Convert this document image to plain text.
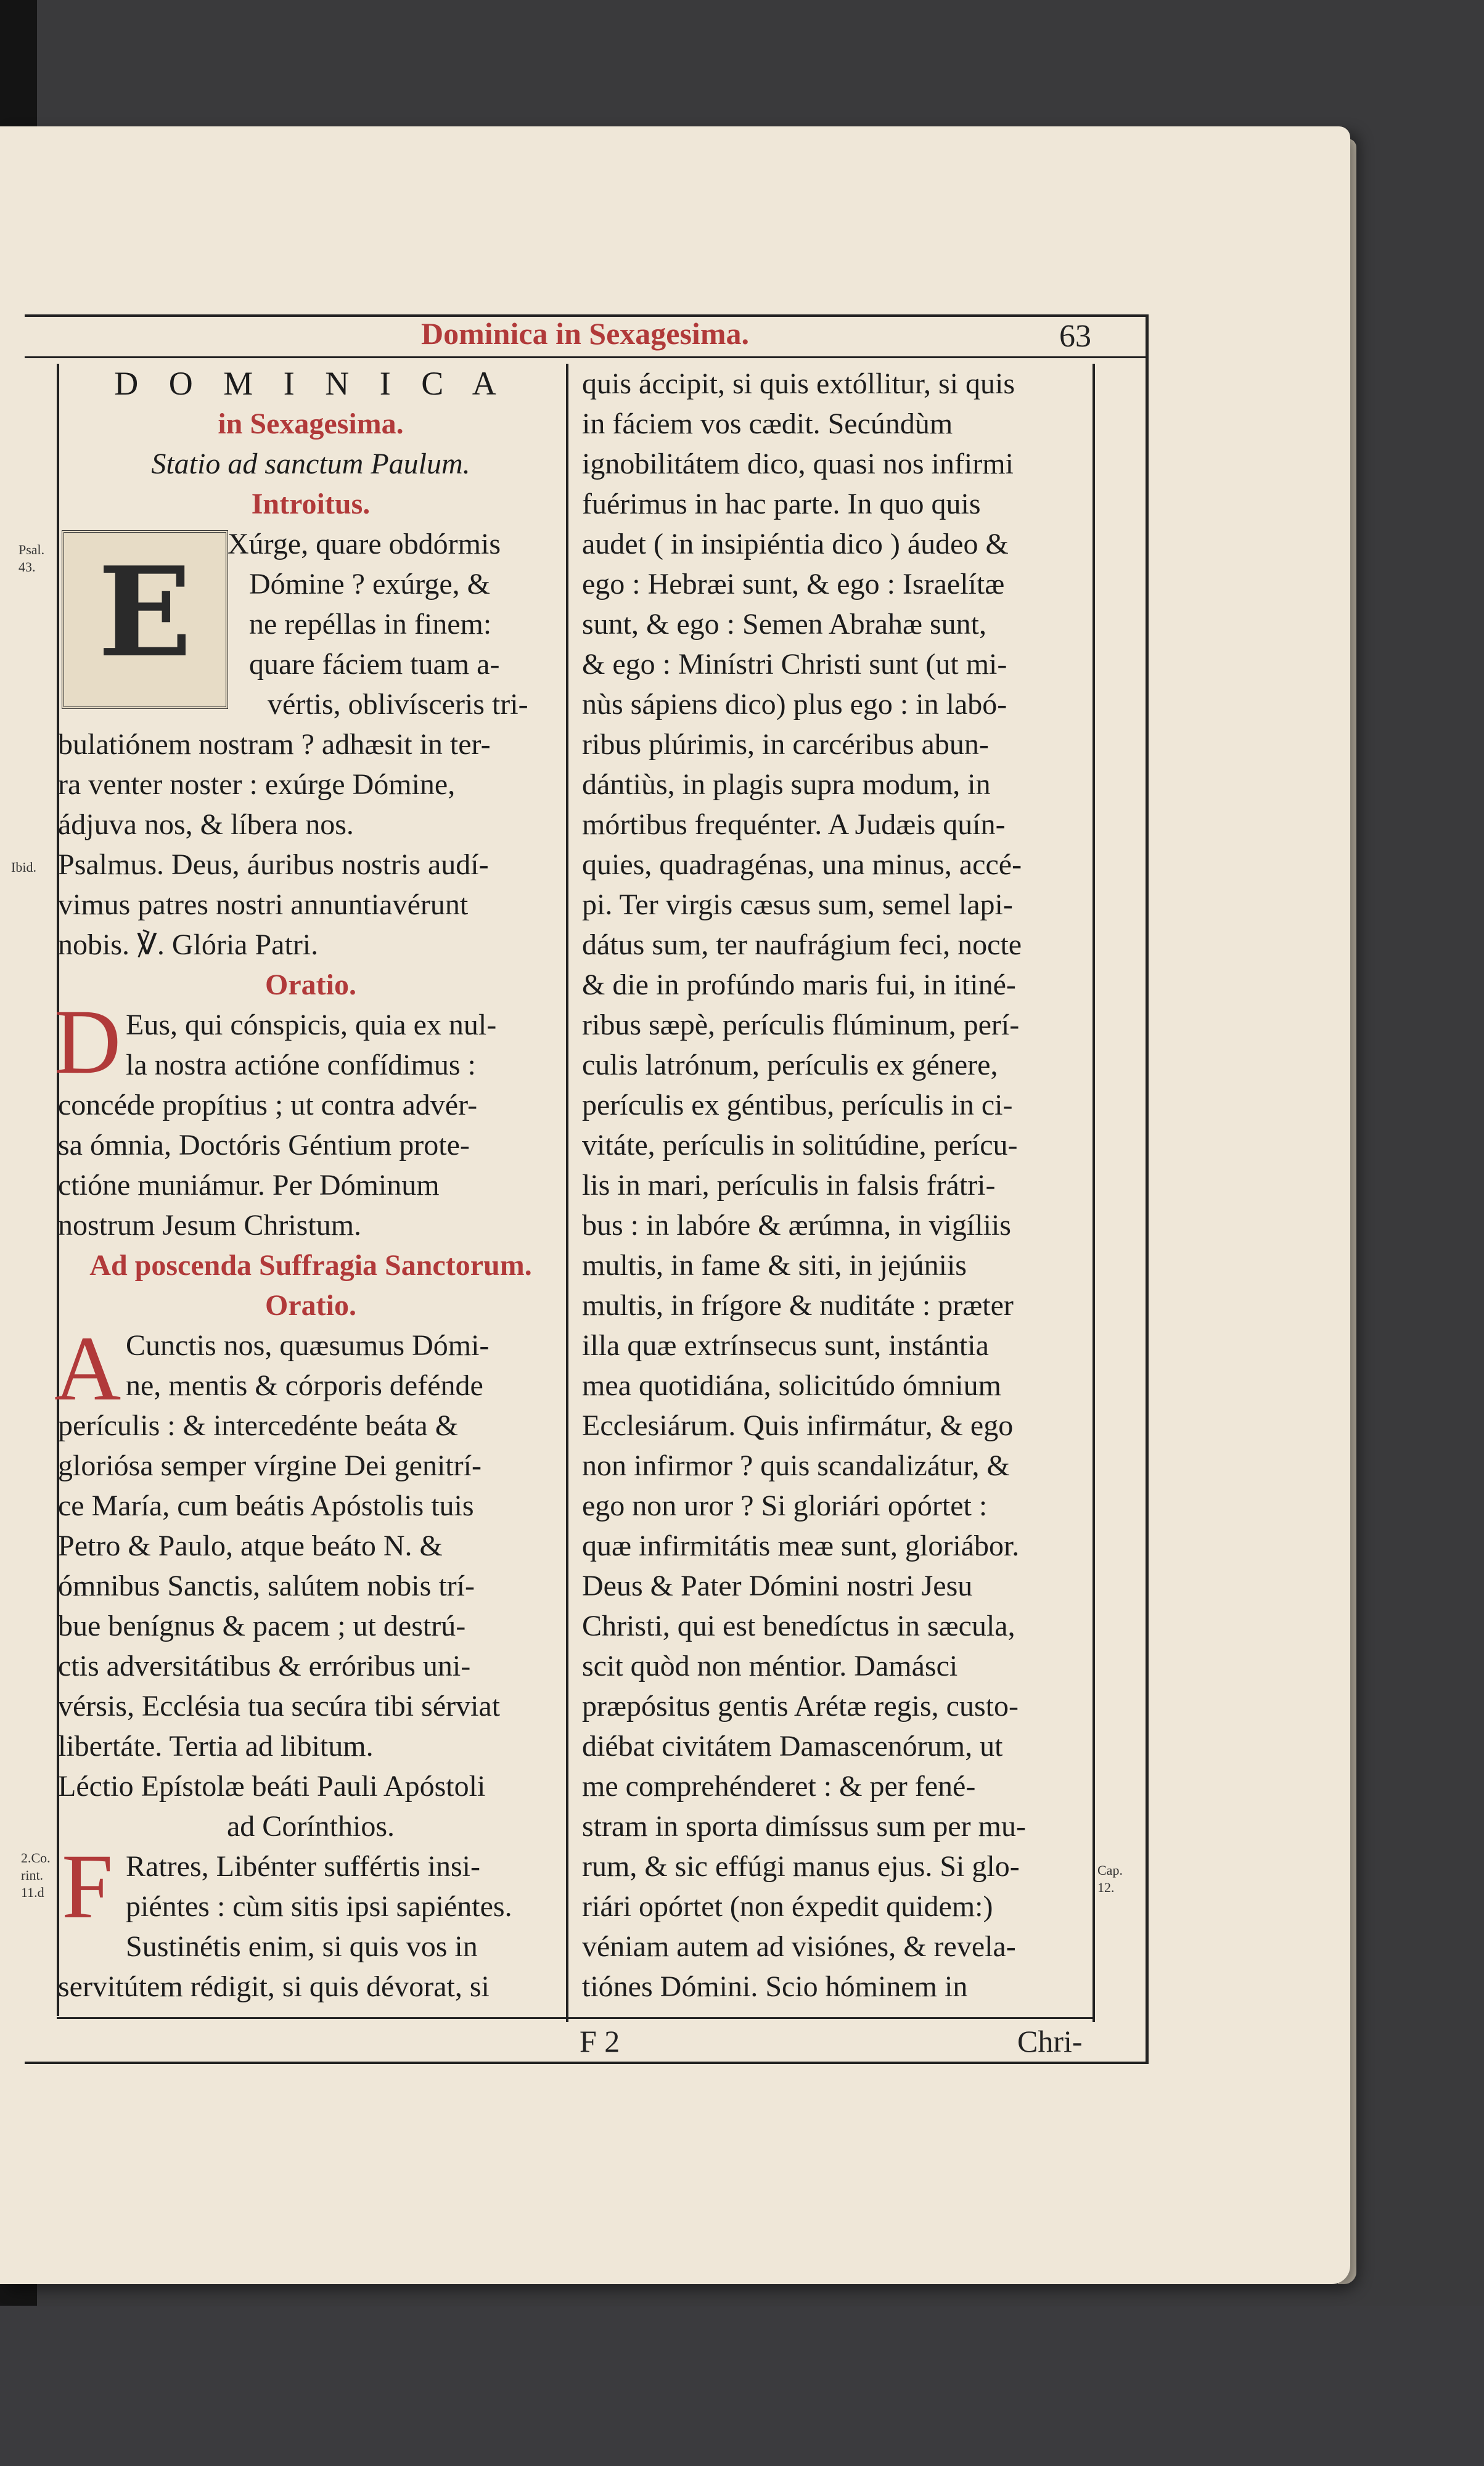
Dominica in Sexagesima.	63
Psal. 43.
Ibid.
2.Co. rint. 11.d
Cap. 12.
E
D
A
F
D O M I N I C A
in Sexagesima.
Statio ad sanctum Paulum.
Introitus.
Xúrge, quare obdórmis
Dómine ? exúrge, &
ne repéllas in finem:
quare fáciem tuam a-
vértis, oblivísceris tri-
bulatiónem nostram ? adhæsit in ter-
ra venter noster : exúrge Dómine,
ádjuva nos, & líbera nos.
Psalmus. Deus, áuribus nostris audí-
vimus patres nostri annuntiavérunt
nobis. ℣. Glória Patri.
Oratio.
Eus, qui cónspicis, quia ex nul-
la nostra actióne confídimus :
concéde propítius ; ut contra advér-
sa ómnia, Doctóris Géntium prote-
ctióne muniámur. Per Dóminum
nostrum Jesum Christum.
Ad poscenda Suffragia Sanctorum.
Oratio.
Cunctis nos, quæsumus Dómi-
ne, mentis & córporis defénde
perículis : & intercedénte beáta &
gloriósa semper vírgine Dei genitrí-
ce María, cum beátis Apóstolis tuis
Petro & Paulo, atque beáto N. &
ómnibus Sanctis, salútem nobis trí-
bue benígnus & pacem ; ut destrú-
ctis adversitátibus & erróribus uni-
vérsis, Ecclésia tua secúra tibi sérviat
libertáte. Tertia ad libitum.
Léctio Epístolæ beáti Pauli Apóstoli
ad Corínthios.
Ratres, Libénter suffértis insi-
piéntes : cùm sitis ipsi sapiéntes.
Sustinétis enim, si quis vos in
servitútem rédigit, si quis dévorat, si
quis áccipit, si quis extóllitur, si quis
in fáciem vos cædit. Secúndùm
ignobilitátem dico, quasi nos infirmi
fuérimus in hac parte. In quo quis
audet ( in insipiéntia dico ) áudeo &
ego : Hebræi sunt, & ego : Israelítæ
sunt, & ego : Semen Abrahæ sunt,
& ego : Minístri Christi sunt (ut mi-
nùs sápiens dico) plus ego : in labó-
ribus plúrimis, in carcéribus abun-
dántiùs, in plagis supra modum, in
mórtibus frequénter. A Judæis quín-
quies, quadragénas, una minus, accé-
pi. Ter virgis cæsus sum, semel lapi-
dátus sum, ter naufrágium feci, nocte
& die in profúndo maris fui, in itiné-
ribus sæpè, perículis flúminum, perí-
culis latrónum, perículis ex génere,
perículis ex géntibus, perículis in ci-
vitáte, perículis in solitúdine, perícu-
lis in mari, perículis in falsis frátri-
bus : in labóre & ærúmna, in vigíliis
multis, in fame & siti, in jejúniis
multis, in frígore & nuditáte : præter
illa quæ extrínsecus sunt, instántia
mea quotidiána, solicitúdo ómnium
Ecclesiárum. Quis infirmátur, & ego
non infirmor ? quis scandalizátur, &
ego non uror ? Si gloriári opórtet :
quæ infirmitátis meæ sunt, gloriábor.
Deus & Pater Dómini nostri Jesu
Christi, qui est benedíctus in sæcula,
scit quòd non méntior. Damásci
præpósitus gentis Arétæ regis, custo-
diébat civitátem Damascenórum, ut
me comprehénderet : & per fené-
stram in sporta dimíssus sum per mu-
rum, & sic effúgi manus ejus. Si glo-
riári opórtet (non éxpedit quidem:)
véniam autem ad visiónes, & revela-
tiónes Dómini. Scio hóminem in
F 2	Chri-
